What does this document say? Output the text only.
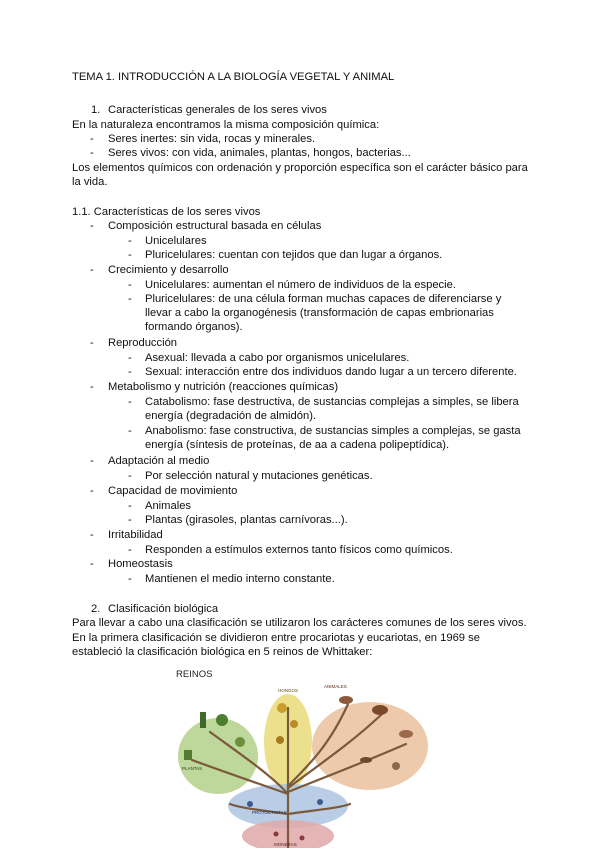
TEMA 1. INTRODUCCIÓN A LA BIOLOGÍA VEGETAL Y ANIMAL
1. Características generales de los seres vivos
En la naturaleza encontramos la misma composición química:
- Seres inertes: sin vida, rocas y minerales.
- Seres vivos: con vida, animales, plantas, hongos, bacterias...
Los elementos químicos con ordenación y proporción específica son el carácter básico para
la vida.
1.1. Características de los seres vivos
- Composición estructural basada en células
- Unicelulares
- Pluricelulares: cuentan con tejidos que dan lugar a órganos.
- Crecimiento y desarrollo
- Unicelulares: aumentan el número de individuos de la especie.
- Pluricelulares: de una célula forman muchas capaces de diferenciarse y
llevar a cabo la organogénesis (transformación de capas embrionarias
formando órganos).
- Reproducción
- Asexual: llevada a cabo por organismos unicelulares.
- Sexual: interacción entre dos individuos dando lugar a un tercero diferente.
- Metabolismo y nutrición (reacciones químicas)
- Catabolismo: fase destructiva, de sustancias complejas a simples, se libera
energía (degradación de almidón).
- Anabolismo: fase constructiva, de sustancias simples a complejas, se gasta
energía (síntesis de proteínas, de aa a cadena polipeptídica).
- Adaptación al medio
- Por selección natural y mutaciones genéticas.
- Capacidad de movimiento
- Animales
- Plantas (girasoles, plantas carnívoras...).
- Irritabilidad
- Responden a estímulos externos tanto físicos como químicos.
- Homeostasis
- Mantienen el medio interno constante.
2. Clasificación biológica
Para llevar a cabo una clasificación se utilizaron los carácteres comunes de los seres vivos.
En la primera clasificación se dividieron entre procariotas y eucariotas, en 1969 se
estableció la clasificación biológica en 5 reinos de Whittaker:
REINOS
PLANTAS
HONGOS
ANIMALES
PROTOCTISTAS
MONERAS
